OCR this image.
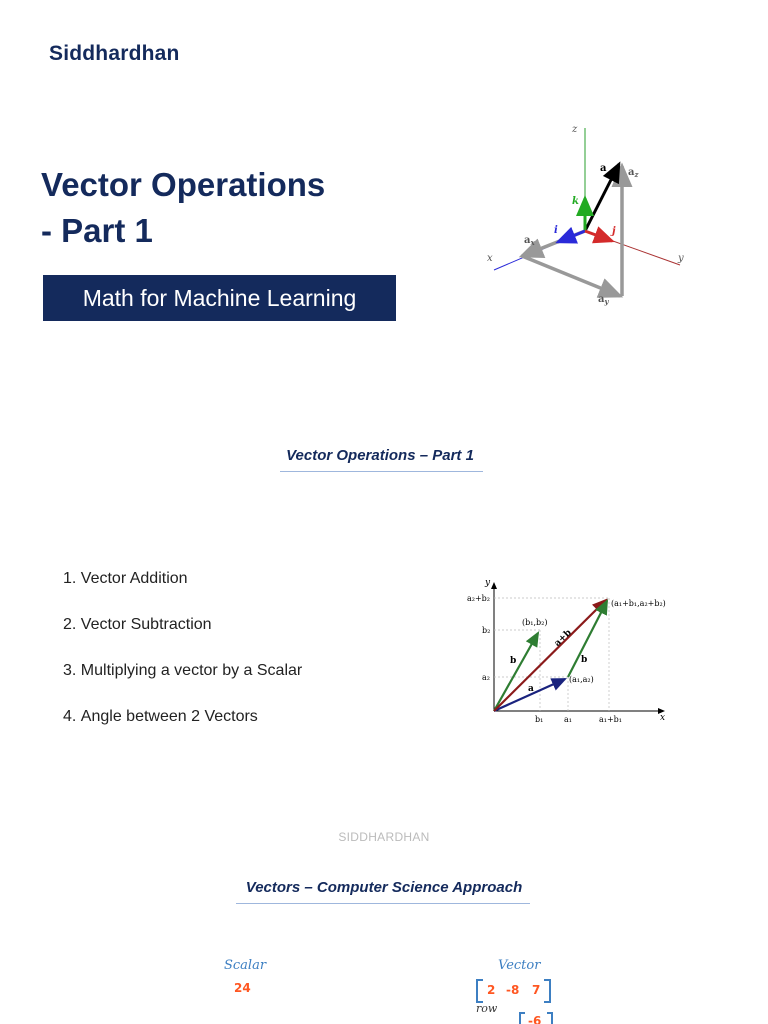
Siddhardhan
Vector Operations
- Part 1
Math for Machine Learning
z
x	y
a $a_z$
$a_x$
$a_y$
k
i	j
Vector Operations – Part 1
1. Vector Addition
2. Vector Subtraction
3. Multiplying a vector by a Scalar
4. Angle between 2 Vectors
y
x
a₂+b₂
b₂
a₂
b₁	a₁	a₁+b₁
(b₁,b₂)
(a₁,a₂)
(a₁+b₁,a₂+b₂)
a
b	b
a+b
SIDDHARDHAN
Vectors – Computer Science Approach
Scalar
24
Vector
2 -8 7
row
-6
